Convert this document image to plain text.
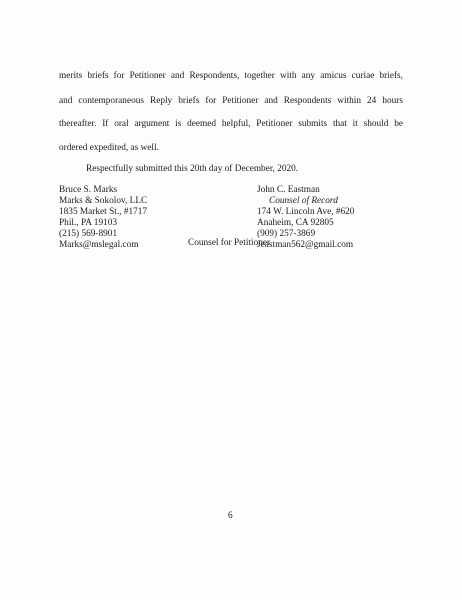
merits briefs for Petitioner and Respondents, together with any amicus curiae briefs,
and contemporaneous Reply briefs for Petitioner and Respondents within 24 hours
thereafter. If oral argument is deemed helpful, Petitioner submits that it should be
ordered expedited, as well.
Respectfully submitted this 20th day of December, 2020.
Bruce S. Marks
Marks & Sokolov, LLC
1835 Market St., #1717
Phil., PA 19103
(215) 569-8901
Marks@mslegal.com
John C. Eastman
Counsel of Record
174 W. Lincoln Ave, #620
Anaheim, CA 92805
(909) 257-3869
Jeastman562@gmail.com
Counsel for Petitioner
6
